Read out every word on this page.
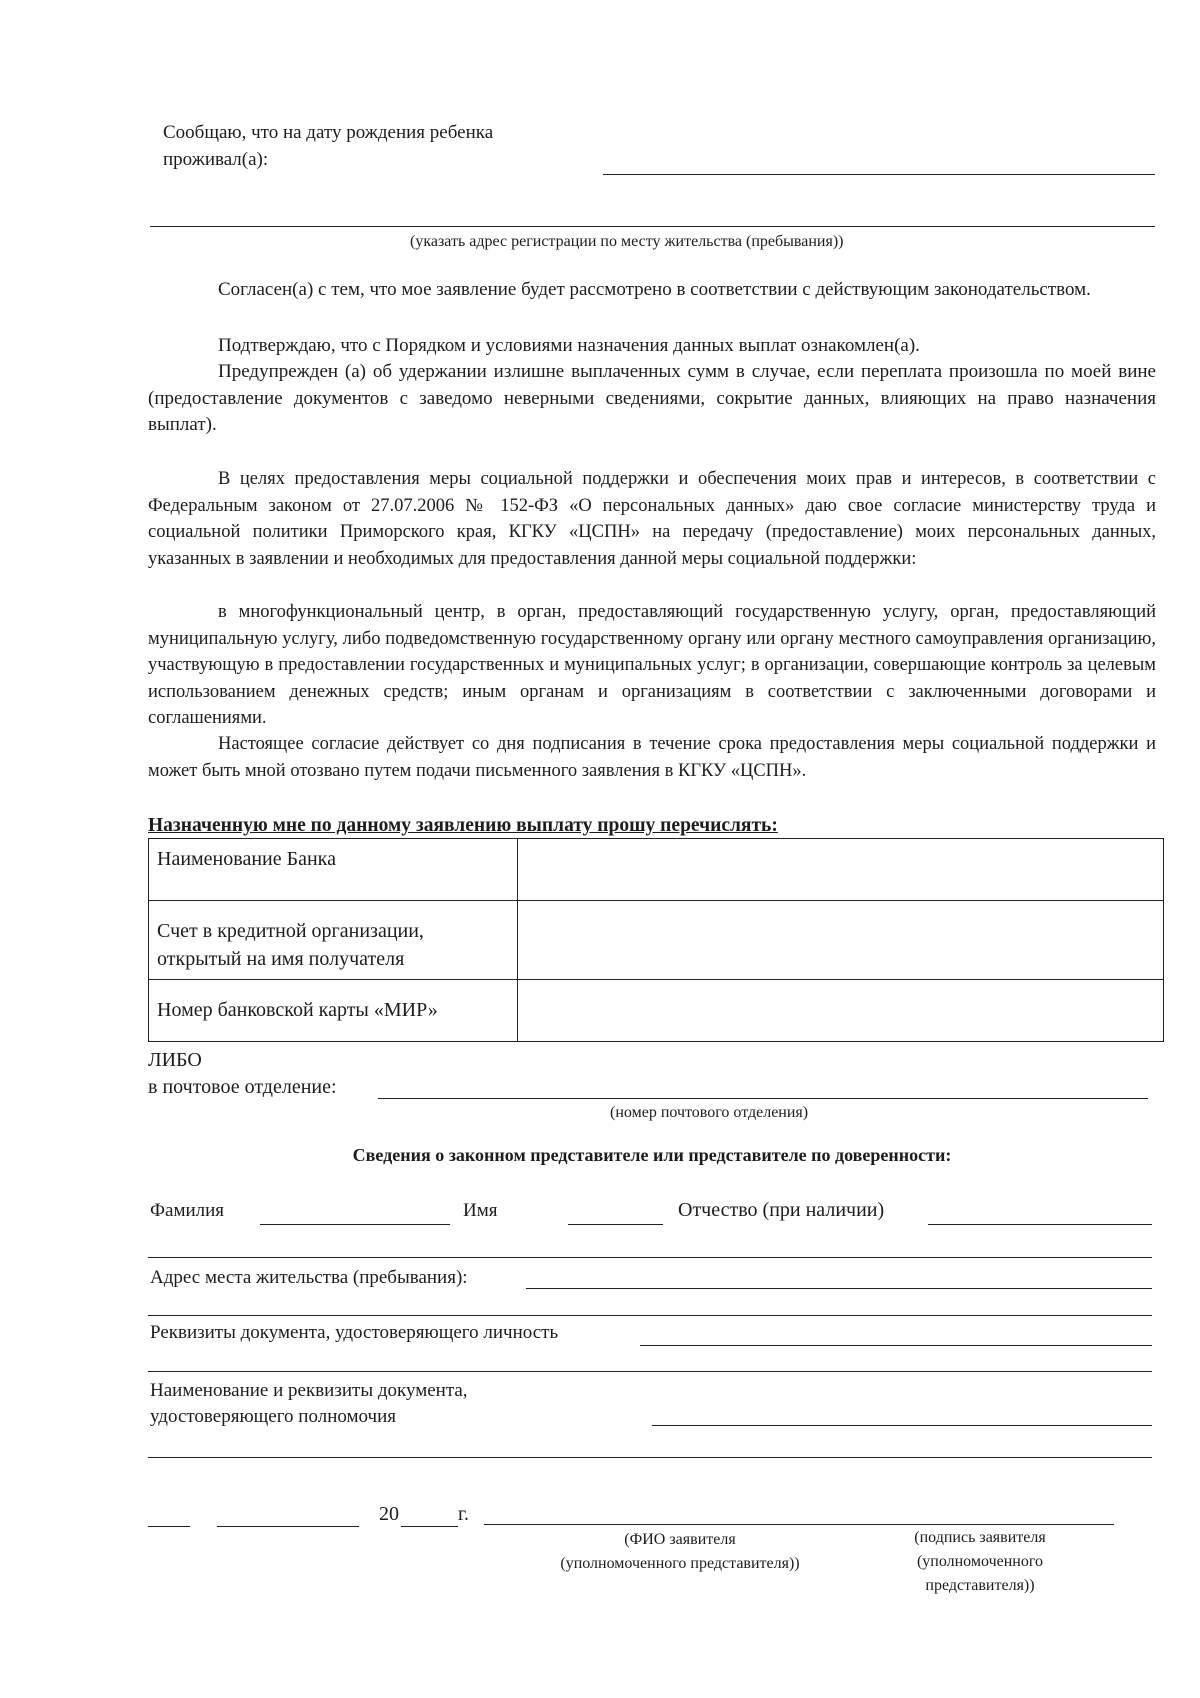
Сообщаю, что на дату рождения ребенка
проживал(а):
(указать адрес регистрации по месту жительства (пребывания))
Согласен(а) с тем, что мое заявление будет рассмотрено в соответствии с действующим законодательством.
Подтверждаю, что с Порядком и условиями назначения данных выплат ознакомлен(а).
Предупрежден (а) об удержании излишне выплаченных сумм в случае, если переплата произошла по моей вине (предоставление документов с заведомо неверными сведениями, сокрытие данных, влияющих на право назначения выплат).
В целях предоставления меры социальной поддержки и обеспечения моих прав и интересов, в соответствии с Федеральным законом от 27.07.2006 № 152-ФЗ «О персональных данных» даю свое согласие министерству труда и социальной политики Приморского края, КГКУ «ЦСПН» на передачу (предоставление) моих персональных данных, указанных в заявлении и необходимых для предоставления данной меры социальной поддержки:
в многофункциональный центр, в орган, предоставляющий государственную услугу, орган, предоставляющий муниципальную услугу, либо подведомственную государственному органу или органу местного самоуправления организацию, участвующую в предоставлении государственных и муниципальных услуг; в организации, совершающие контроль за целевым использованием денежных средств; иным органам и организациям в соответствии с заключенными договорами и соглашениями.
Настоящее согласие действует со дня подписания в течение срока предоставления меры социальной поддержки и может быть мной отозвано путем подачи письменного заявления в КГКУ «ЦСПН».
Назначенную мне по данному заявлению выплату прошу перечислять:
Наименование Банка	
Счет в кредитной организации, открытый на имя получателя	
Номер банковской карты «МИР»	
ЛИБО
в почтовое отделение:
(номер почтового отделения)
Сведения о законном представителе или представителе по доверенности:
Фамилия	Имя	Отчество (при наличии)
Адрес места жительства (пребывания):
Реквизиты документа, удостоверяющего личность
Наименование и реквизиты документа,
удостоверяющего полномочия
20	г.
(ФИО заявителя
(уполномоченного представителя))
(подпись заявителя
(уполномоченного
представителя))
